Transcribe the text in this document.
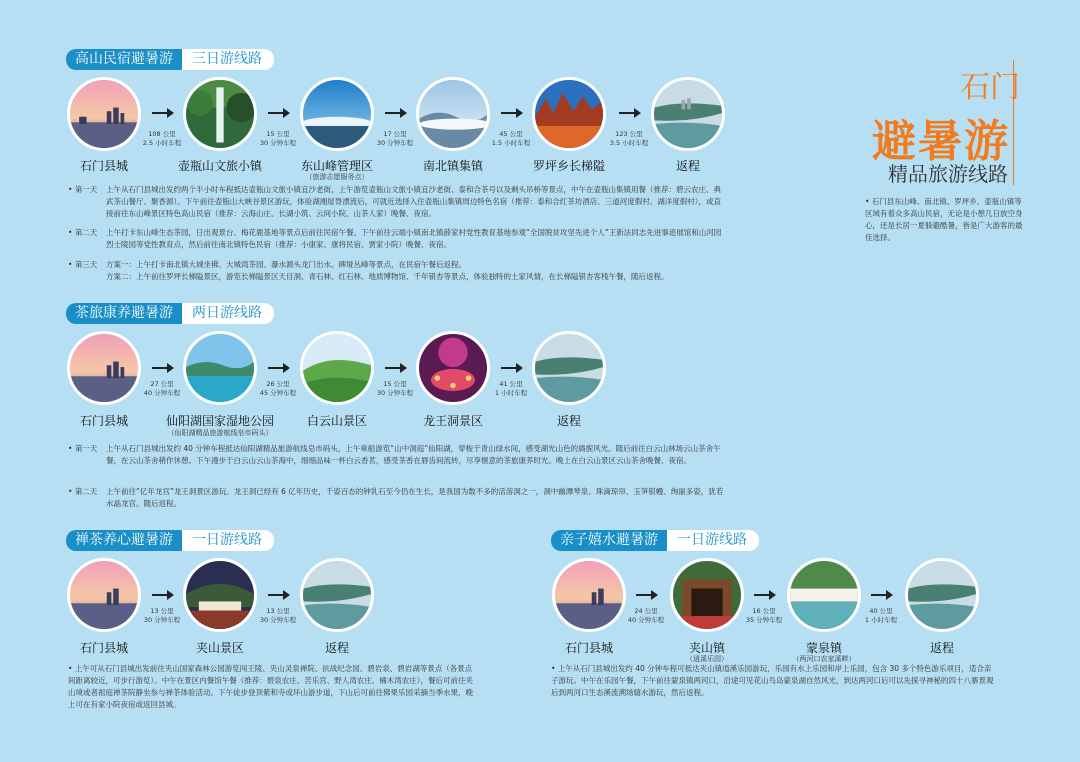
石门
避暑游
精品旅游线路
• 石门县东山峰、南北镇、罗坪乡、壶瓶山镇等区域有着众多高山民宿，无论是小憩几日放空身心，还是长居一夏躲避酷暑，皆是广大游客的最佳选择。
高山民宿避暑游	三日游线路
石门县城	壶瓶山文旅小镇	东山峰管理区
（旅游志愿服务点）
南北镇集镇	罗坪乡长梯隘	返程
108 公里
2.5 小时车程
15 公里
30 分钟车程
17 公里
30 分钟车程
45 公里
1.5 小时车程
123 公里
3.5 小时车程
• 第一天 上午从石门县城出发约两个半小时车程抵达壶瓶山文旅小镇宜沙老街，上午游览壶瓶山文旅小镇宜沙老街、泰和合茶号以及剩头吊桥等景点，中午在壶瓶山集镇用餐（推荐：碧云农庄、典武茶山餐厅、聚香源）。下午前往壶瓶山大峡谷景区游玩，体验湖湘屋脊漂流后，可就近选择入住壶瓶山集镇周边特色名宿（推荐：泰和合红茶坊酒店、三道河度假村、湖洋度假村），或直接前往东山峰景区特色高山民宿（推荐：云海山庄、长湖小筑、云间小院、山茶人家）晚餐、夜宿。
• 第二天 上午打卡东山峰生态茶园，日出观景台、梅花鹿基地等景点后前往民宿午餐。下午前往云端小镇南北镇薛家村党性教育基地参观“全国脱贫攻坚先进个人”王新法同志先进事迹展馆和山河园烈士陵园等党性教育点，然后前往南北镇特色民宿（推荐：小康家、康将民宿、贾家小院）晚餐、夜宿。
• 第三天 方案一：上午打卡南北镇大城坐佛、大城湾茶园、瀑水源头龙门出水、碑垭丛峰等景点，在民宿午餐后返程。
方案二：上午前往罗坪长梯隘景区，游览长梯隘景区天目洞、青石林、红石林、地质博物馆、千年银杏等景点，体验独特的土家风情，在长梯隘银杏客栈午餐，随后返程。
茶旅康养避暑游	两日游线路
石门县城	仙阳湖国家湿地公园
（仙阳湖精品旅游航线皂市码头）
白云山景区	龙王洞景区	返程
27 公里
40 分钟车程
26 公里
45 分钟车程
15 公里
30 分钟车程
41 公里
1 小时车程
• 第一天 上午从石门县城出发约 40 分钟车程抵达仙阳湖精品旅游航线皂市码头，上午乘船游览“山中洞庭”仙阳湖，穿梭于青山绿水间，感受湖光山色的旖旎风光。随后前往白云山林场云山茶舍午餐，在云山茶舍稍作休憩。下午漫步于白云山云山茶海中，细细品味一杯白云香茗，感受茶香在唇齿间流转，尽享惬意的茶旅康养时光。晚上在白云山景区云山茶舍晚餐、夜宿。
• 第二天 上午前往“亿年龙宫”龙王洞景区游玩。龙王洞已经有 6 亿年历史，千姿百态的钟乳石至今仍在生长，是我国为数不多的活溶洞之一，洞中幽潭琴泉、珠滴琼帘、玉笋银幔、绚丽多姿，犹若水晶龙宫。随后返程。
禅茶养心避暑游	一日游线路
石门县城	夹山景区	返程
13 公里
30 分钟车程
13 公里
30 分钟车程
• 上午可从石门县城出发前往夹山国家森林公园游览闯王陵、夹山灵泉禅院、抗战纪念园、碧岩泉、碧岩湖等景点（各景点间距离较近，可步行游览）。中午在景区内餐馆午餐（推荐：碧泉农庄、苦乐宫、野人湾农庄、楠木湾农庄），餐后可前往夹山境或者祖庭禅茶院静坐参与禅茶体验活动。下午徒步登顶紫和寺或环山游步道，下山后可前往佛果乐园采摘当季水果，晚上可在有家小院夜宿或返回县城。
亲子嬉水避暑游	一日游线路
石门县城	夹山镇
（逍溪乐园）
蒙泉镇
（两河口农家溪畔）
返程
24 公里
40 分钟车程
16 公里
35 分钟车程
40 公里
1 小时车程
• 上午从石门县城出发约 40 分钟车程可抵达夹山镇逍溪乐园游玩，乐园有水上乐园和岸上乐园，包含 30 多个特色游乐项目，适合亲子游玩。中午在乐园午餐，下午前往蒙泉镇两河口，沿途可见花山鸟岛蒙泉湖自然风光，到达两河口后可以先探寻神秘的四十八寨景观后到两河口生态溪流溯场嬉水游玩，然后返程。
